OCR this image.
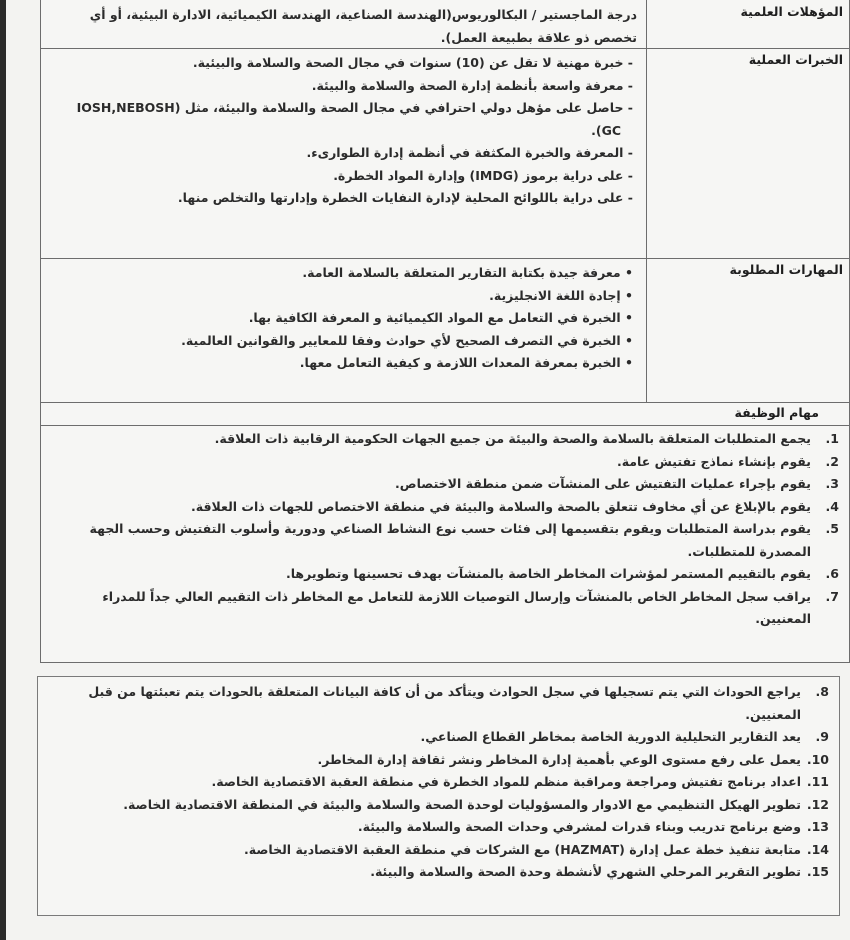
المؤهلات العلمية
درجة الماجستير / البكالوريوس(الهندسة الصناعية، الهندسة الكيميائية، الادارة البيئية، أو أي تخصص ذو علاقة بطبيعة العمل).
الخبرات العملية
- خبرة مهنية لا تقل عن (10) سنوات في مجال الصحة والسلامة والبيئية.
- معرفة واسعة بأنظمة إدارة الصحة والسلامة والبيئة.
- حاصل على مؤهل دولي احترافي في مجال الصحة والسلامة والبيئة، مثل (IOSH,NEBOSH GC).
- المعرفة والخبرة المكثفة في أنظمة إدارة الطوارىء.
- على دراية برموز (IMDG) وإدارة المواد الخطرة.
- على دراية باللوائح المحلية لإدارة النفايات الخطرة وإدارتها والتخلص منها.
المهارات المطلوبة
• معرفة جيدة بكتابة التقارير المتعلقة بالسلامة العامة.
• إجادة اللغة الانجليزية.
• الخبرة في التعامل مع المواد الكيميائية و المعرفة الكافية بها.
• الخبرة في التصرف الصحيح لأي حوادث وفقا للمعايير والقوانين العالمية.
• الخبرة بمعرفة المعدات اللازمة و كيفية التعامل معها.
مهام الوظيفة
1.
يجمع المتطلبات المتعلقة بالسلامة والصحة والبيئة من جميع الجهات الحكومية الرقابية ذات العلاقة.
2.
يقوم بإنشاء نماذج تفتيش عامة.
3.
يقوم بإجراء عمليات التفتيش على المنشآت ضمن منطقة الاختصاص.
4.
يقوم بالإبلاغ عن أي مخاوف تتعلق بالصحة والسلامة والبيئة في منطقة الاختصاص للجهات ذات العلاقة.
5.
يقوم بدراسة المتطلبات ويقوم بتقسيمها إلى فئات حسب نوع النشاط الصناعي ودورية وأسلوب التفتيش وحسب الجهة المصدرة للمتطلبات.
6.
يقوم بالتقييم المستمر لمؤشرات المخاطر الخاصة بالمنشآت بهدف تحسينها وتطويرها.
7.
يراقب سجل المخاطر الخاص بالمنشآت وإرسال التوصيات اللازمة للتعامل مع المخاطر ذات التقييم العالي جداً للمدراء المعنيين.
8.
يراجع الحوداث التي يتم تسجيلها في سجل الحوادث ويتأكد من أن كافة البيانات المتعلقة بالحودات يتم تعبئتها من قبل المعنيين.
9.
يعد التقارير التحليلية الدورية الخاصة بمخاطر القطاع الصناعي.
10.
يعمل على رفع مستوى الوعي بأهمية إدارة المخاطر ونشر ثقافة إدارة المخاطر.
11.
اعداد برنامج تفتيش ومراجعة ومراقبة منظم للمواد الخطرة في منطقة العقبة الاقتصادية الخاصة.
12.
تطوير الهيكل التنظيمي مع الادوار والمسؤوليات لوحدة الصحة والسلامة والبيئة في المنطقة الاقتصادية الخاصة.
13.
وضع برنامج تدريب وبناء قدرات لمشرفي وحدات الصحة والسلامة والبيئة.
14.
متابعة تنفيذ خطة عمل إدارة (HAZMAT) مع الشركات في منطقة العقبة الاقتصادية الخاصة.
15.
تطوير التقرير المرحلي الشهري لأنشطة وحدة الصحة والسلامة والبيئة.
